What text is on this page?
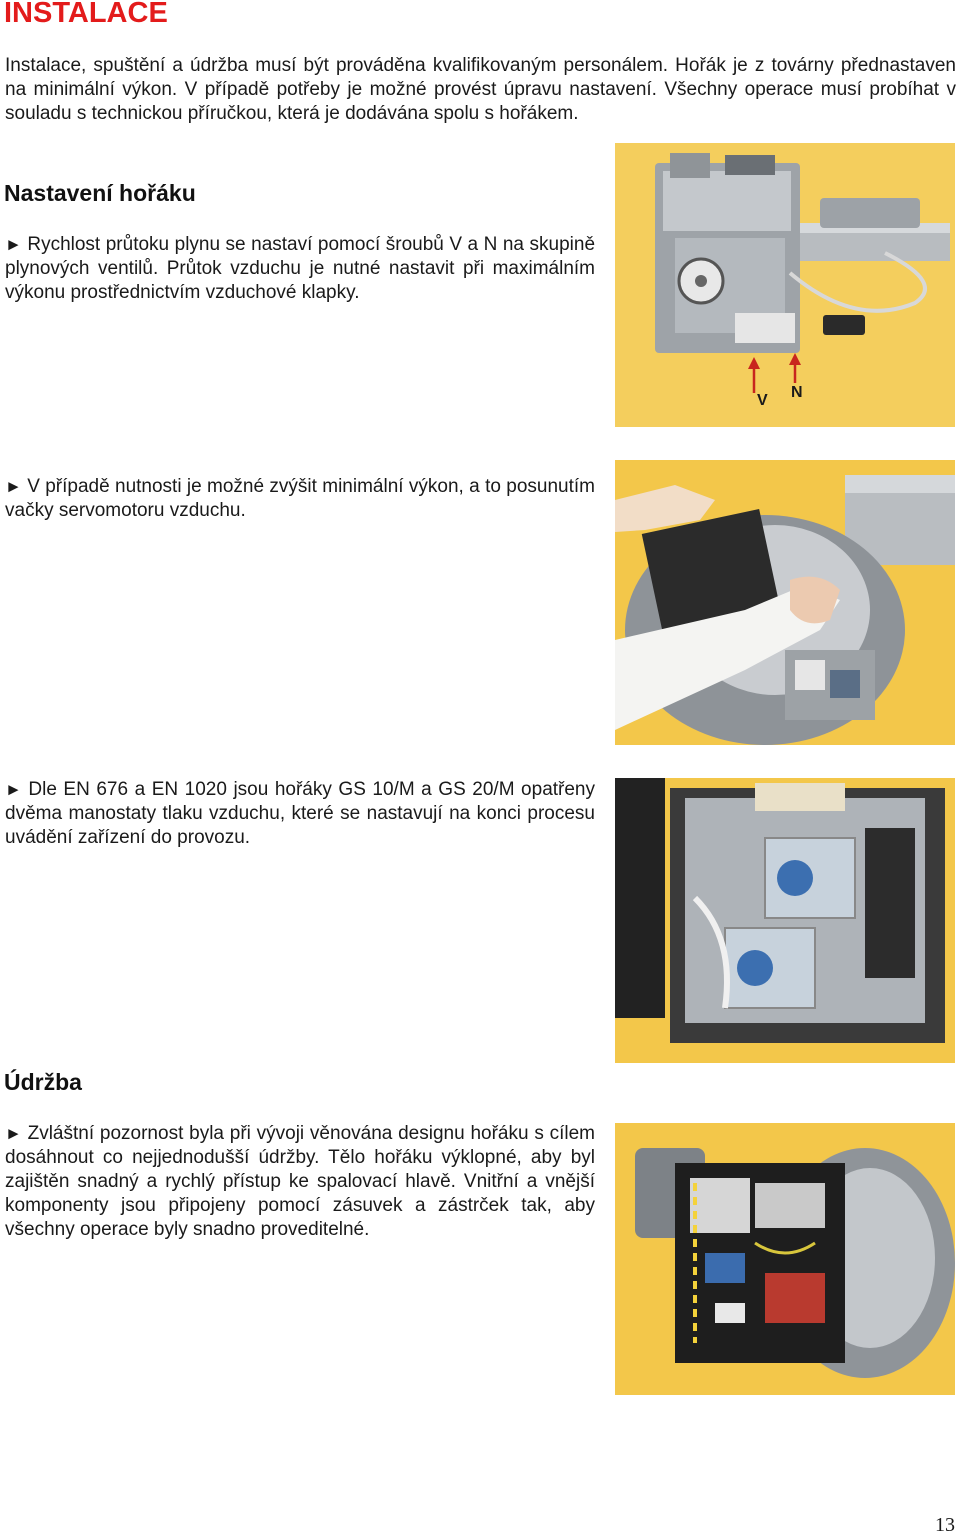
INSTALACE

Instalace, spuštění a údržba musí být prováděna kvalifikovaným personálem. Hořák je z továrny přednastaven na minimální výkon. V případě potřeby je možné provést úpravu nastavení. Všechny operace musí probíhat v souladu s technickou příručkou, která je dodávána spolu s hořákem.

Nastavení hořáku

► Rychlost průtoku plynu se nastaví pomocí šroubů V a N na skupině plynových ventilů. Průtok vzduchu je nutné nastavit při maximálním výkonu prostřednictvím vzduchové klapky.

V N

► V případě nutnosti je možné zvýšit minimální výkon, a to posunutím vačky servomotoru vzduchu.

► Dle EN 676 a EN 1020 jsou hořáky GS 10/M a GS 20/M opatřeny dvěma manostaty tlaku vzduchu, které se nastavují na konci procesu uvádění zařízení do provozu.

Údržba

► Zvláštní pozornost byla při vývoji věnována designu hořáku s cílem dosáhnout co nejjednodušší údržby. Tělo hořáku výklopné, aby byl zajištěn snadný a rychlý přístup ke spalovací hlavě. Vnitřní a vnější komponenty jsou připojeny pomocí zásuvek a zástrček tak, aby všechny operace byly snadno proveditelné.

13
